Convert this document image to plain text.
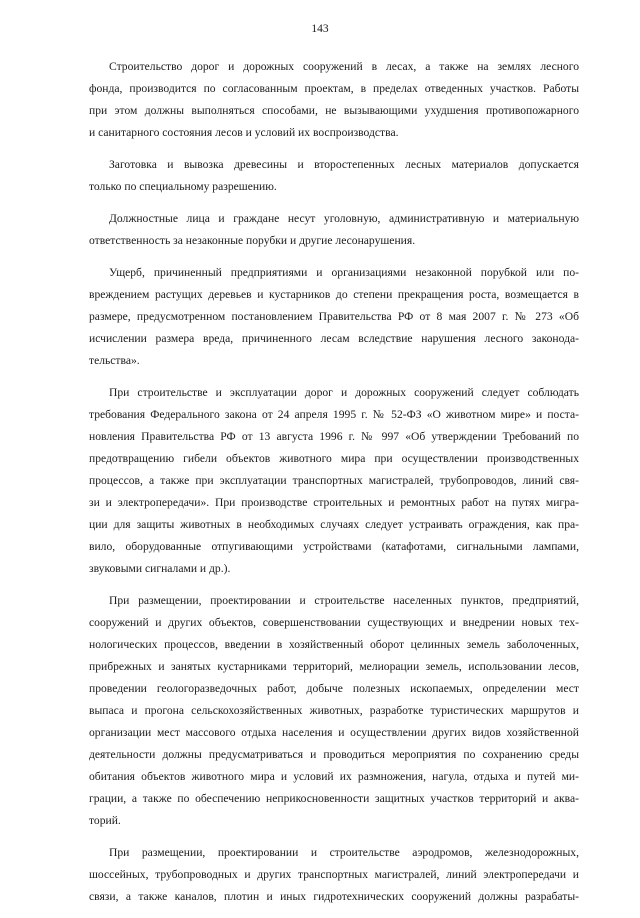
143
Строительство дорог и дорожных сооружений в лесах, а также на землях лесного
фонда, производится по согласованным проектам, в пределах отведенных участков. Работы
при этом должны выполняться способами, не вызывающими ухудшения противопожарного
и санитарного состояния лесов и условий их воспроизводства.
Заготовка и вывозка древесины и второстепенных лесных материалов допускается
только по специальному разрешению.
Должностные лица и граждане несут уголовную, административную и материальную
ответственность за незаконные порубки и другие лесонарушения.
Ущерб, причиненный предприятиями и организациями незаконной порубкой или по-
вреждением растущих деревьев и кустарников до степени прекращения роста, возмещается в
размере, предусмотренном постановлением Правительства РФ от 8 мая 2007 г. № 273 «Об
исчислении размера вреда, причиненного лесам вследствие нарушения лесного законода-
тельства».
При строительстве и эксплуатации дорог и дорожных сооружений следует соблюдать
требования Федерального закона от 24 апреля 1995 г. № 52-ФЗ «О животном мире» и поста-
новления Правительства РФ от 13 августа 1996 г. № 997 «Об утверждении Требований по
предотвращению гибели объектов животного мира при осуществлении производственных
процессов, а также при эксплуатации транспортных магистралей, трубопроводов, линий свя-
зи и электропередачи». При производстве строительных и ремонтных работ на путях мигра-
ции для защиты животных в необходимых случаях следует устраивать ограждения, как пра-
вило, оборудованные отпугивающими устройствами (катафотами, сигнальными лампами,
звуковыми сигналами и др.).
При размещении, проектировании и строительстве населенных пунктов, предприятий,
сооружений и других объектов, совершенствовании существующих и внедрении новых тех-
нологических процессов, введении в хозяйственный оборот целинных земель заболоченных,
прибрежных и занятых кустарниками территорий, мелиорации земель, использовании лесов,
проведении геологоразведочных работ, добыче полезных ископаемых, определении мест
выпаса и прогона сельскохозяйственных животных, разработке туристических маршрутов и
организации мест массового отдыха населения и осуществлении других видов хозяйственной
деятельности должны предусматриваться и проводиться мероприятия по сохранению среды
обитания объектов животного мира и условий их размножения, нагула, отдыха и путей ми-
грации, а также по обеспечению неприкосновенности защитных участков территорий и аква-
торий.
При размещении, проектировании и строительстве аэродромов, железнодорожных,
шоссейных, трубопроводных и других транспортных магистралей, линий электропередачи и
связи, а также каналов, плотин и иных гидротехнических сооружений должны разрабаты-
